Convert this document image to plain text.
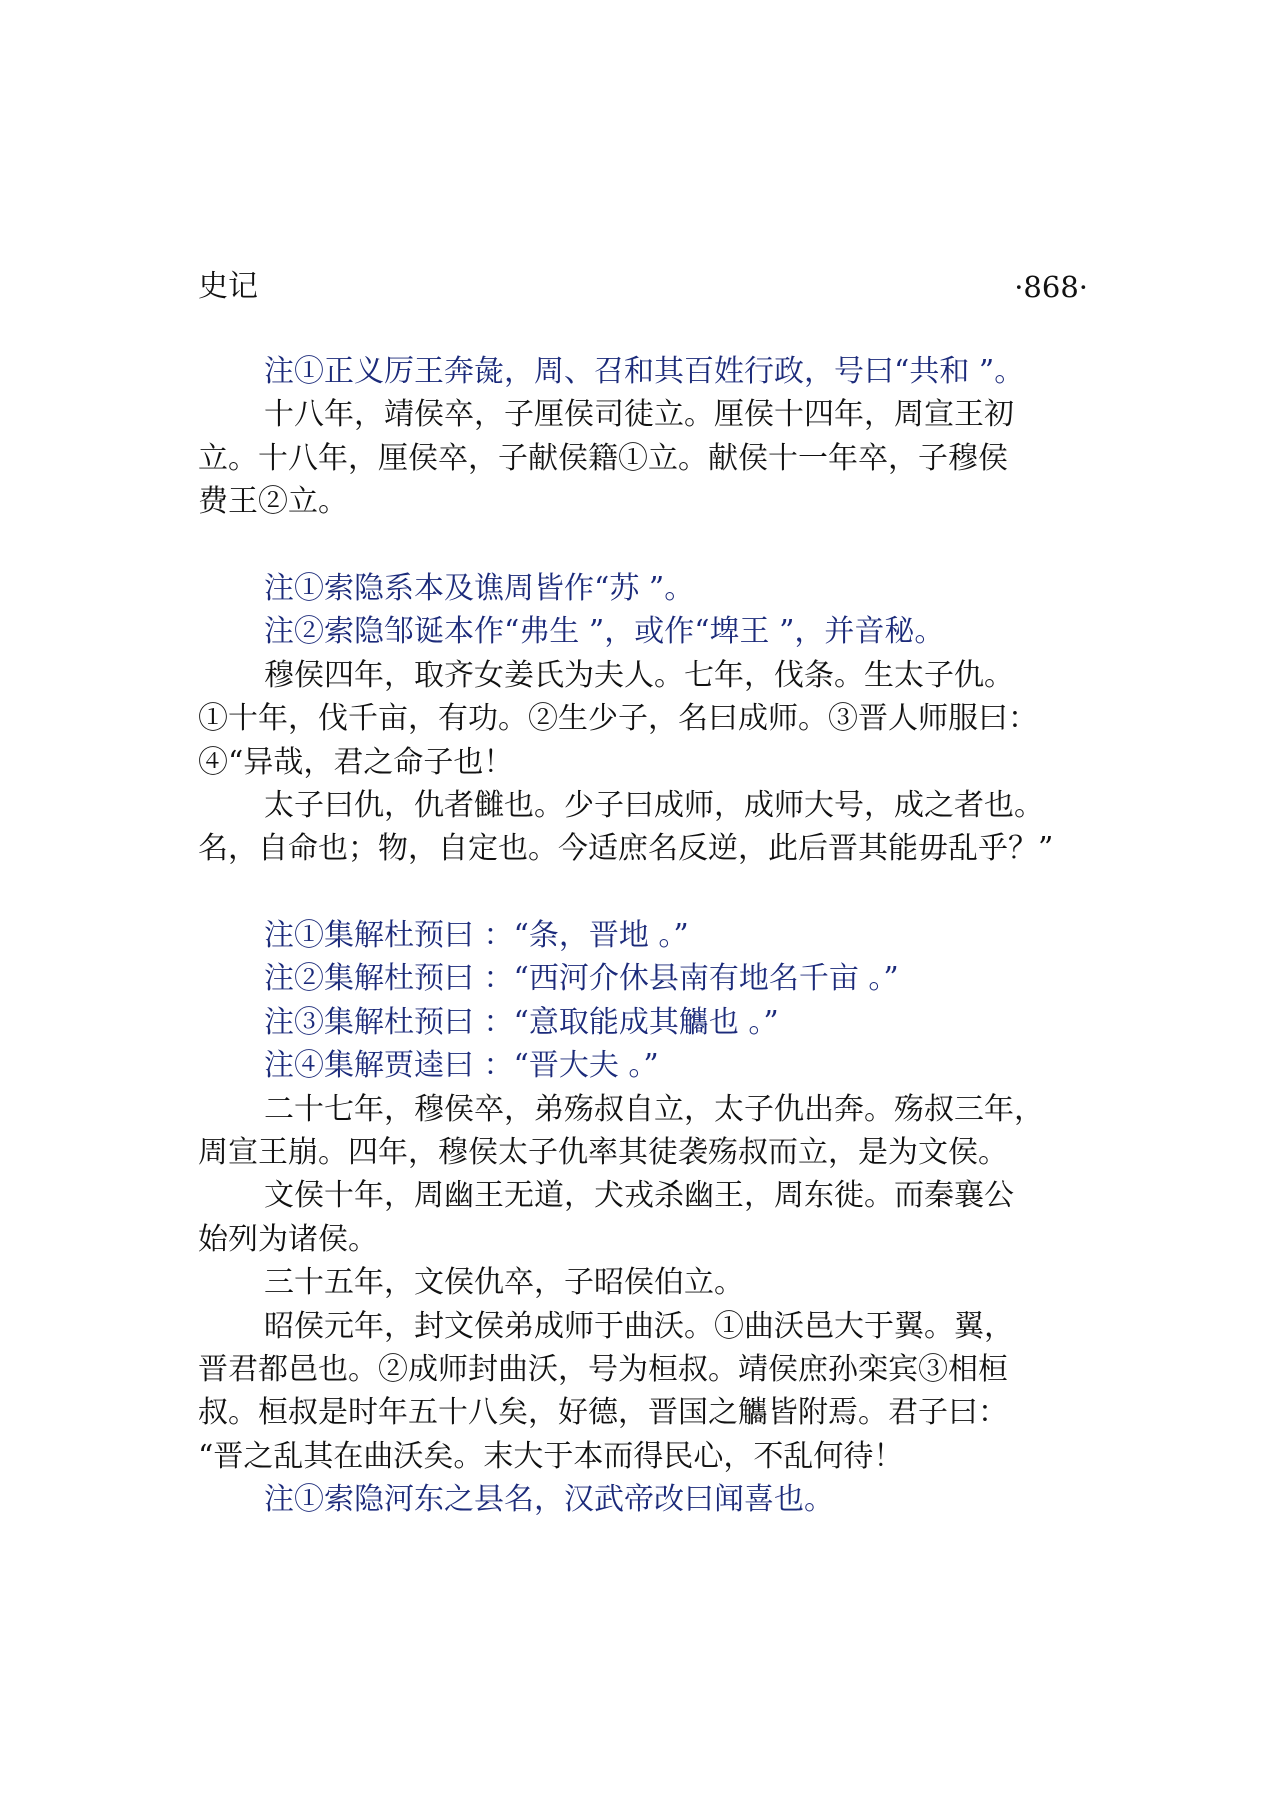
史记	·868·
注①正义厉王奔彘，周、召和其百姓行政，号曰“共和 ”。
十八年，靖侯卒，子厘侯司徒立。厘侯十四年，周宣王初
立。十八年，厘侯卒，子献侯籍①立。献侯十一年卒，子穆侯
费王②立。
注①索隐系本及谯周皆作“苏 ”。
注②索隐邹诞本作“弗生 ”，或作“埤王 ”，并音秘。
穆侯四年，取齐女姜氏为夫人。七年，伐条。生太子仇。
①十年，伐千亩，有功。②生少子，名曰成师。③晋人师服曰：
④“异哉，君之命子也！
太子曰仇，仇者雠也。少子曰成师，成师大号，成之者也。
名，自命也；物，自定也。今适庶名反逆，此后晋其能毋乱乎？”
注①集解杜预曰 ：“条，晋地 。”
注②集解杜预曰 ：“西河介休县南有地名千亩 。”
注③集解杜预曰 ：“意取能成其觿也 。”
注④集解贾逵曰 ：“晋大夫 。”
二十七年，穆侯卒，弟殇叔自立，太子仇出奔。殇叔三年，
周宣王崩。四年，穆侯太子仇率其徒袭殇叔而立，是为文侯。
文侯十年，周幽王无道，犬戎杀幽王，周东徙。而秦襄公
始列为诸侯。
三十五年，文侯仇卒，子昭侯伯立。
昭侯元年，封文侯弟成师于曲沃。①曲沃邑大于翼。翼，
晋君都邑也。②成师封曲沃，号为桓叔。靖侯庶孙栾宾③相桓
叔。桓叔是时年五十八矣，好德，晋国之觿皆附焉。君子曰：
“晋之乱其在曲沃矣。末大于本而得民心，不乱何待！
注①索隐河东之县名，汉武帝改曰闻喜也。
